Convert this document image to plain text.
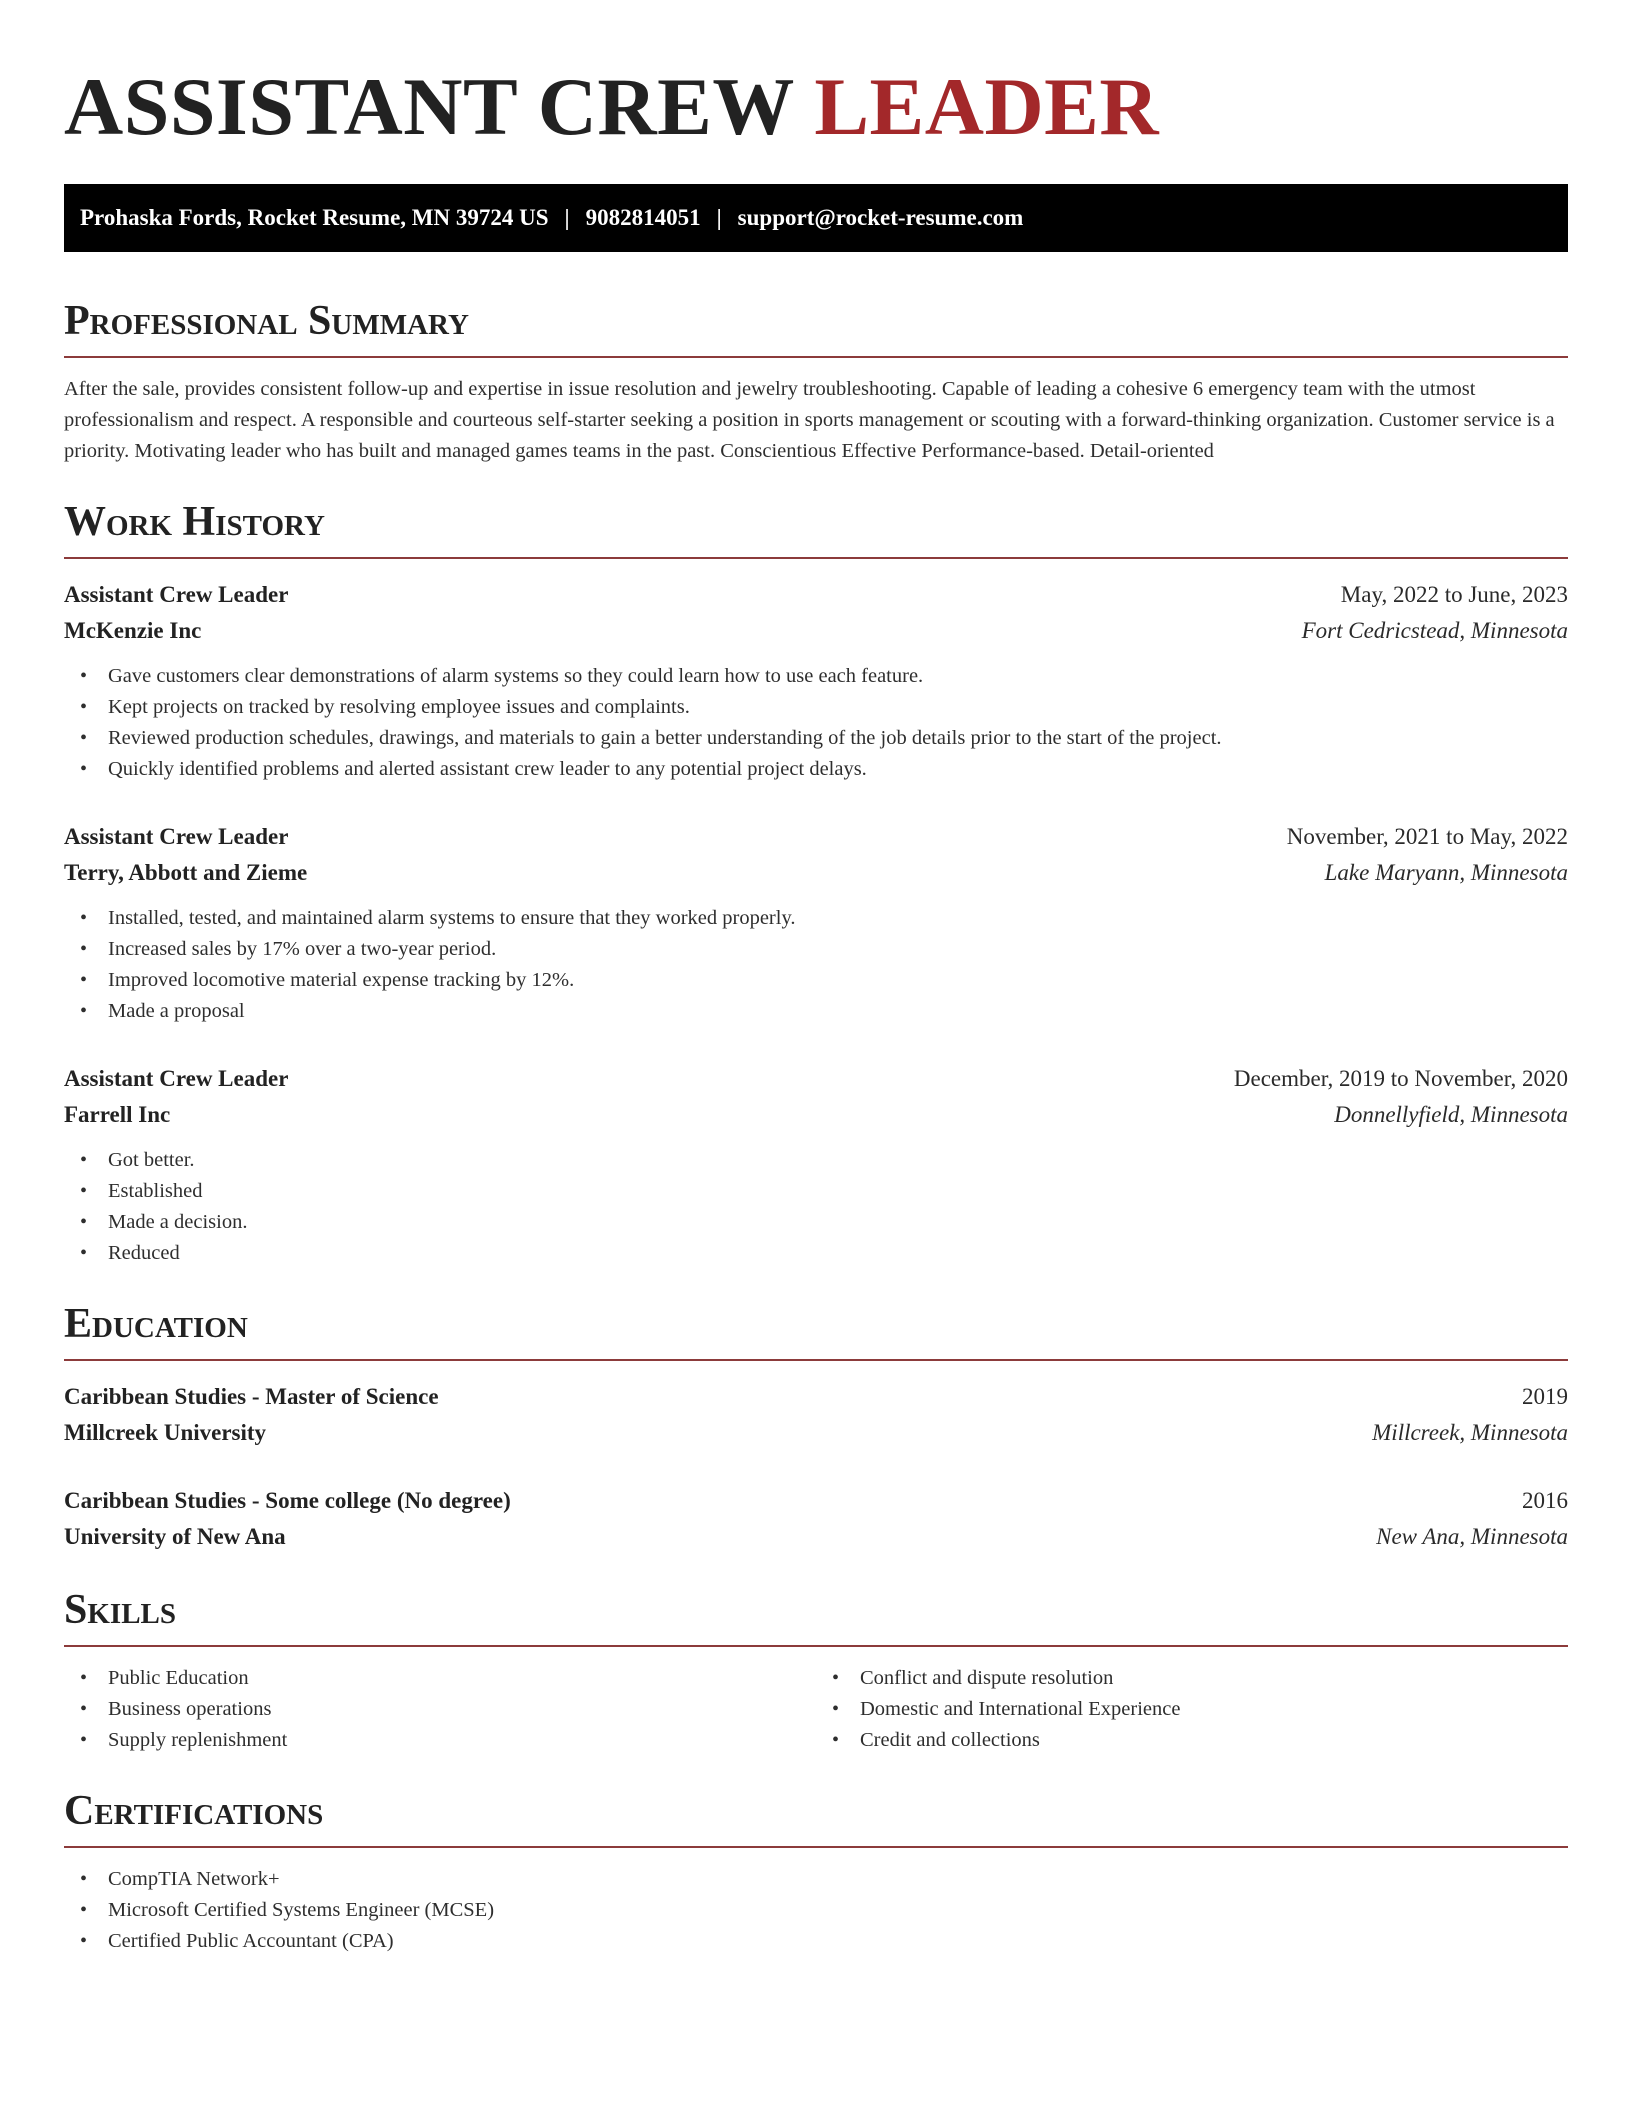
ASSISTANT CREW LEADER
Prohaska Fords, Rocket Resume, MN 39724 US | 9082814051 | support@rocket-resume.com
Professional Summary

After the sale, provides consistent follow-up and expertise in issue resolution and jewelry troubleshooting. Capable of leading a cohesive 6 emergency team with the utmost professionalism and respect. A responsible and courteous self-starter seeking a position in sports management or scouting with a forward-thinking organization. Customer service is a priority. Motivating leader who has built and managed games teams in the past. Conscientious Effective Performance-based. Detail-oriented

Work History
Assistant Crew Leader	May, 2022 to June, 2023
McKenzie Inc	Fort Cedricstead, Minnesota
• Gave customers clear demonstrations of alarm systems so they could learn how to use each feature.
• Kept projects on tracked by resolving employee issues and complaints.
• Reviewed production schedules, drawings, and materials to gain a better understanding of the job details prior to the start of the project.
• Quickly identified problems and alerted assistant crew leader to any potential project delays.
Assistant Crew Leader	November, 2021 to May, 2022
Terry, Abbott and Zieme	Lake Maryann, Minnesota
• Installed, tested, and maintained alarm systems to ensure that they worked properly.
• Increased sales by 17% over a two-year period.
• Improved locomotive material expense tracking by 12%.
• Made a proposal
Assistant Crew Leader	December, 2019 to November, 2020
Farrell Inc	Donnellyfield, Minnesota
• Got better.
• Established
• Made a decision.
• Reduced
Education
Caribbean Studies - Master of Science	2019
Millcreek University	Millcreek, Minnesota
Caribbean Studies - Some college (No degree)	2016
University of New Ana	New Ana, Minnesota
Skills
• Public Education
• Business operations
• Supply replenishment
• Conflict and dispute resolution
• Domestic and International Experience
• Credit and collections
Certifications
• CompTIA Network+
• Microsoft Certified Systems Engineer (MCSE)
• Certified Public Accountant (CPA)
